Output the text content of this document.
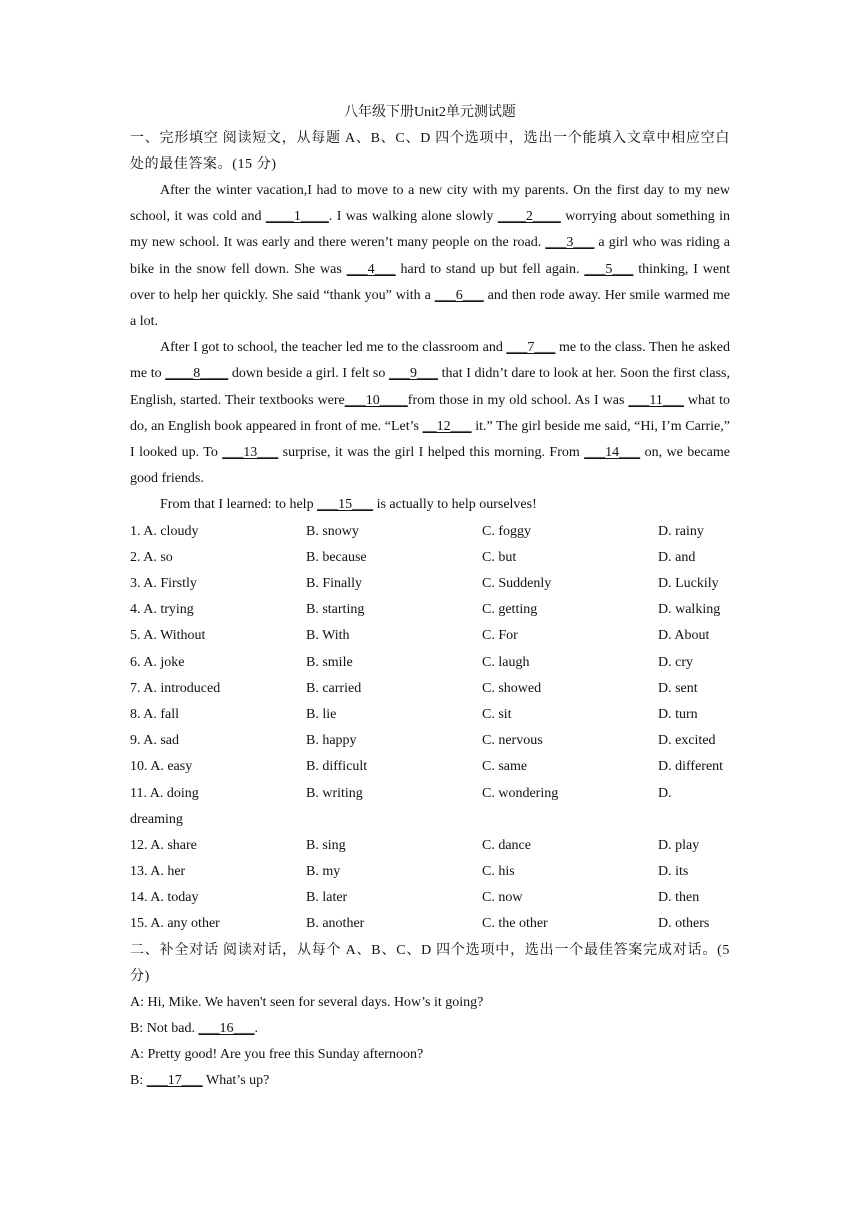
八年级下册Unit2单元测试题
一、完形填空 阅读短文，从每题 A、B、C、D 四个选项中，选出一个能填入文章中相应空白处的最佳答案。(15 分)

After the winter vacation,I had to move to a new city with my parents. On the first day to my new school, it was cold and ____1____. I was walking alone slowly ____2____ worrying about something in my new school. It was early and there weren’t many people on the road. ___3___ a girl who was riding a bike in the snow fell down. She was ___4___ hard to stand up but fell again. ___5___ thinking, I went over to help her quickly. She said “thank you” with a ___6___ and then rode away. Her smile warmed me a lot.

After I got to school, the teacher led me to the classroom and ___7___ me to the class. Then he asked me to ____8____ down beside a girl. I felt so ___9___ that I didn’t dare to look at her. Soon the first class, English, started. Their textbooks were___10____from those in my old school. As I was ___11___ what to do, an English book appeared in front of me. “Let’s __12___ it.” The girl beside me said, “Hi, I’m Carrie,” I looked up. To ___13___ surprise, it was the girl I helped this morning. From ___14___ on, we became good friends.

From that I learned: to help ___15___ is actually to help ourselves!

1. A. cloudy	B. snowy	C. foggy	D. rainy
2. A. so	B. because	C. but	D. and
3. A. Firstly	B. Finally	C. Suddenly	D. Luckily
4. A. trying	B. starting	C. getting	D. walking
5. A. Without	B. With	C. For	D. About
6. A. joke	B. smile	C. laugh	D. cry
7. A. introduced	B. carried	C. showed	D. sent
8. A. fall	B. lie	C. sit	D. turn
9. A. sad	B. happy	C. nervous	D. excited
10. A. easy	B. difficult	C. same	D. different
11. A. doing	B. writing	C. wondering	D.
dreaming
12. A. share	B. sing	C. dance	D. play
13. A. her	B. my	C. his	D. its
14. A. today	B. later	C. now	D. then
15. A. any other	B. another	C. the other	D. others
二、补全对话 阅读对话，从每个 A、B、C、D 四个选项中，选出一个最佳答案完成对话。(5 分)
A: Hi, Mike. We haven't seen for several days. How’s it going?
B: Not bad. ___16___.
A: Pretty good! Are you free this Sunday afternoon?
B: ___17___ What’s up?
